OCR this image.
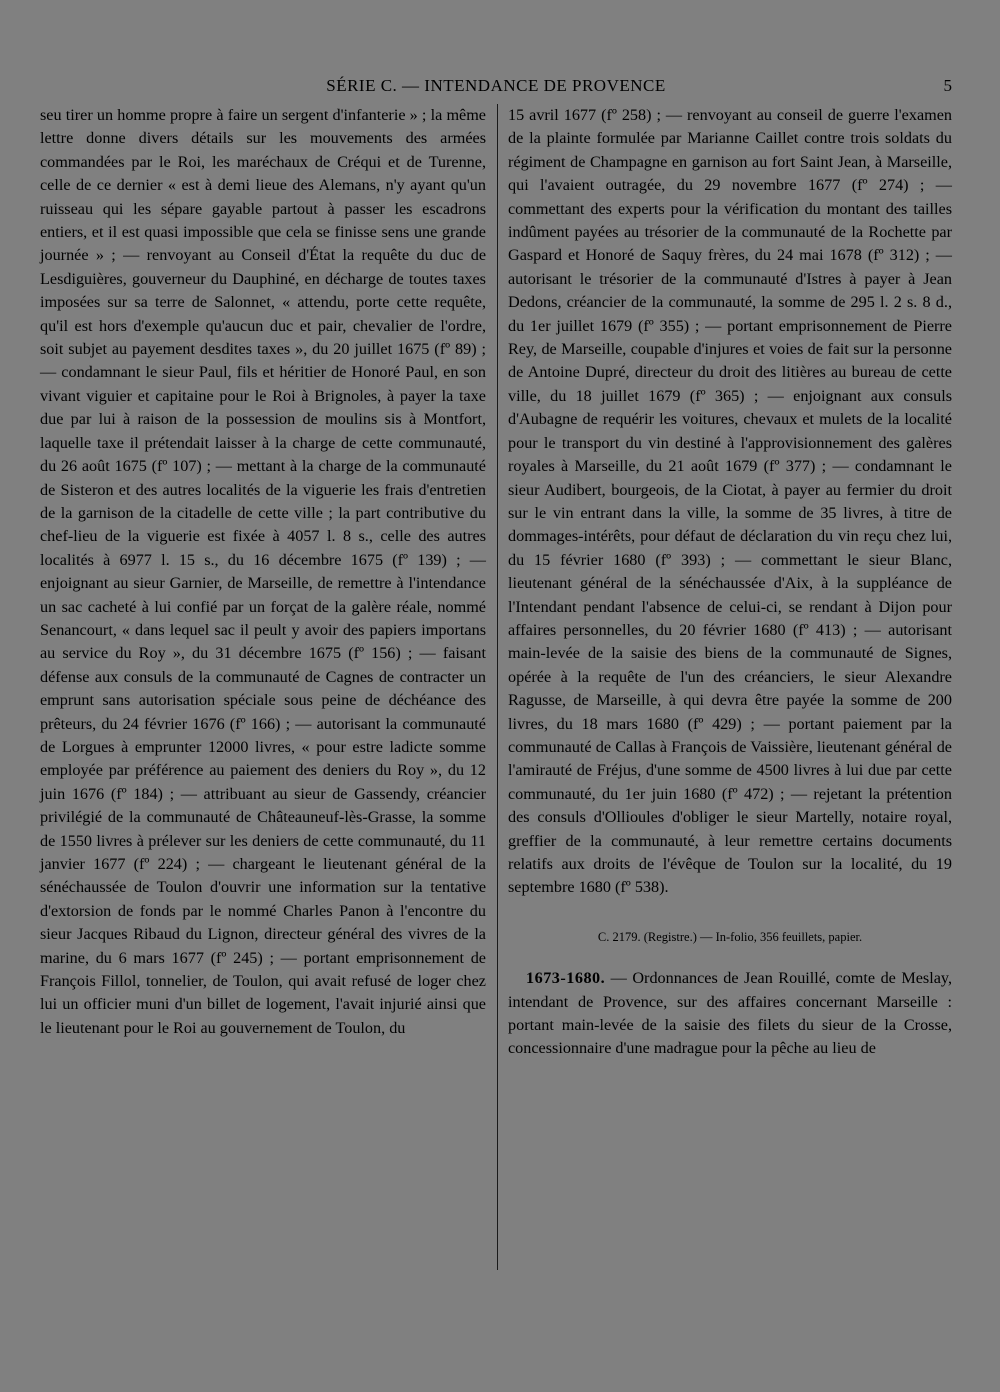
SÉRIE C. — INTENDANCE DE PROVENCE	5

seu tirer un homme propre à faire un sergent d'infanterie » ; la même lettre donne divers détails sur les mouvements des armées commandées par le Roi, les maréchaux de Créqui et de Turenne, celle de ce dernier « est à demi lieue des Alemans, n'y ayant qu'un ruisseau qui les sépare gayable partout à passer les escadrons entiers, et il est quasi impossible que cela se finisse sens une grande journée » ; — renvoyant au Conseil d'État la requête du duc de Lesdiguières, gouverneur du Dauphiné, en décharge de toutes taxes imposées sur sa terre de Salonnet, « attendu, porte cette requête, qu'il est hors d'exemple qu'aucun duc et pair, chevalier de l'ordre, soit subjet au payement desdites taxes », du 20 juillet 1675 (fº 89) ; — condamnant le sieur Paul, fils et héritier de Honoré Paul, en son vivant viguier et capitaine pour le Roi à Brignoles, à payer la taxe due par lui à raison de la possession de moulins sis à Montfort, laquelle taxe il prétendait laisser à la charge de cette communauté, du 26 août 1675 (fº 107) ; — mettant à la charge de la communauté de Sisteron et des autres localités de la viguerie les frais d'entretien de la garnison de la citadelle de cette ville ; la part contributive du chef-lieu de la viguerie est fixée à 4057 l. 8 s., celle des autres localités à 6977 l. 15 s., du 16 décembre 1675 (fº 139) ; — enjoignant au sieur Garnier, de Marseille, de remettre à l'intendance un sac cacheté à lui confié par un forçat de la galère réale, nommé Senancourt, « dans lequel sac il peult y avoir des papiers importans au service du Roy », du 31 décembre 1675 (fº 156) ; — faisant défense aux consuls de la communauté de Cagnes de contracter un emprunt sans autorisation spéciale sous peine de déchéance des prêteurs, du 24 février 1676 (fº 166) ; — autorisant la communauté de Lorgues à emprunter 12000 livres, « pour estre ladicte somme employée par préférence au paiement des deniers du Roy », du 12 juin 1676 (fº 184) ; — attribuant au sieur de Gassendy, créancier privilégié de la communauté de Châteauneuf-lès-Grasse, la somme de 1550 livres à prélever sur les deniers de cette communauté, du 11 janvier 1677 (fº 224) ; — chargeant le lieutenant général de la sénéchaussée de Toulon d'ouvrir une information sur la tentative d'extorsion de fonds par le nommé Charles Panon à l'encontre du sieur Jacques Ribaud du Lignon, directeur général des vivres de la marine, du 6 mars 1677 (fº 245) ; — portant emprisonnement de François Fillol, tonnelier, de Toulon, qui avait refusé de loger chez lui un officier muni d'un billet de logement, l'avait injurié ainsi que le lieutenant pour le Roi au gouvernement de Toulon, du

15 avril 1677 (fº 258) ; — renvoyant au conseil de guerre l'examen de la plainte formulée par Marianne Caillet contre trois soldats du régiment de Champagne en garnison au fort Saint Jean, à Marseille, qui l'avaient outragée, du 29 novembre 1677 (fº 274) ; — commettant des experts pour la vérification du montant des tailles indûment payées au trésorier de la communauté de la Rochette par Gaspard et Honoré de Saquy frères, du 24 mai 1678 (fº 312) ; — autorisant le trésorier de la communauté d'Istres à payer à Jean Dedons, créancier de la communauté, la somme de 295 l. 2 s. 8 d., du 1er juillet 1679 (fº 355) ; — portant emprisonnement de Pierre Rey, de Marseille, coupable d'injures et voies de fait sur la personne de Antoine Dupré, directeur du droit des litières au bureau de cette ville, du 18 juillet 1679 (fº 365) ; — enjoignant aux consuls d'Aubagne de requérir les voitures, chevaux et mulets de la localité pour le transport du vin destiné à l'approvisionnement des galères royales à Marseille, du 21 août 1679 (fº 377) ; — condamnant le sieur Audibert, bourgeois, de la Ciotat, à payer au fermier du droit sur le vin entrant dans la ville, la somme de 35 livres, à titre de dommages-intérêts, pour défaut de déclaration du vin reçu chez lui, du 15 février 1680 (fº 393) ; — commettant le sieur Blanc, lieutenant général de la sénéchaussée d'Aix, à la suppléance de l'Intendant pendant l'absence de celui-ci, se rendant à Dijon pour affaires personnelles, du 20 février 1680 (fº 413) ; — autorisant main-levée de la saisie des biens de la communauté de Signes, opérée à la requête de l'un des créanciers, le sieur Alexandre Ragusse, de Marseille, à qui devra être payée la somme de 200 livres, du 18 mars 1680 (fº 429) ; — portant paiement par la communauté de Callas à François de Vaissière, lieutenant général de l'amirauté de Fréjus, d'une somme de 4500 livres à lui due par cette communauté, du 1er juin 1680 (fº 472) ; — rejetant la prétention des consuls d'Ollioules d'obliger le sieur Martelly, notaire royal, greffier de la communauté, à leur remettre certains documents relatifs aux droits de l'évêque de Toulon sur la localité, du 19 septembre 1680 (fº 538).

C. 2179. (Registre.) — In-folio, 356 feuillets, papier.

1673-1680. — Ordonnances de Jean Rouillé, comte de Meslay, intendant de Provence, sur des affaires concernant Marseille : portant main-levée de la saisie des filets du sieur de la Crosse, concessionnaire d'une madrague pour la pêche au lieu de
